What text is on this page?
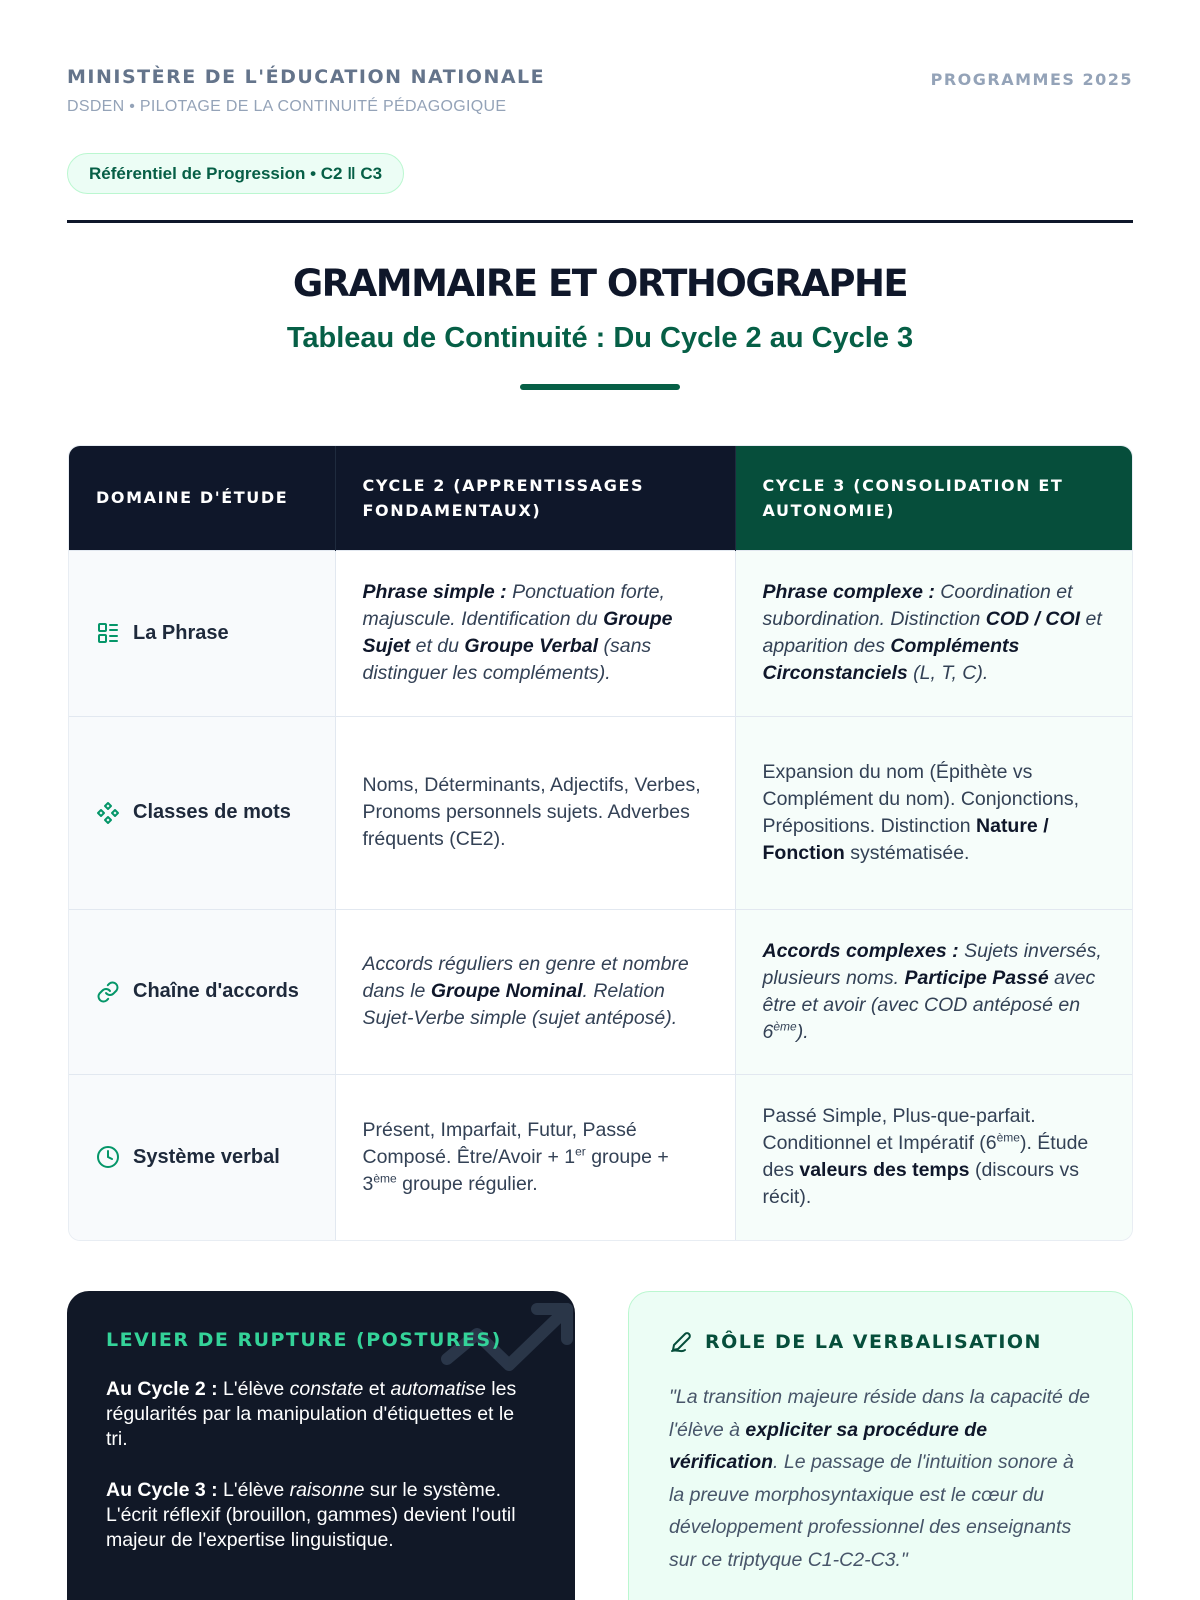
MINISTÈRE DE L'ÉDUCATION NATIONALE
DSDEN • PILOTAGE DE LA CONTINUITÉ PÉDAGOGIQUE
PROGRAMMES 2025
Référentiel de Progression • C2 ‖ C3
GRAMMAIRE ET ORTHOGRAPHE
Tableau de Continuité : Du Cycle 2 au Cycle 3
DOMAINE D'ÉTUDE	CYCLE 2 (APPRENTISSAGES FONDAMENTAUX)	CYCLE 3 (CONSOLIDATION ET AUTONOMIE)

La Phrase	Phrase simple : Ponctuation forte, majuscule. Identification du Groupe Sujet et du Groupe Verbal (sans distinguer les compléments).	Phrase complexe : Coordination et subordination. Distinction COD / COI et apparition des Compléments Circonstanciels (L, T, C).

Classes de mots	Noms, Déterminants, Adjectifs, Verbes, Pronoms personnels sujets. Adverbes fréquents (CE2).	Expansion du nom (Épithète vs Complément du nom). Conjonctions, Prépositions. Distinction Nature / Fonction systématisée.

Chaîne d'accords	Accords réguliers en genre et nombre dans le Groupe Nominal. Relation Sujet-Verbe simple (sujet antéposé).	Accords complexes : Sujets inversés, plusieurs noms. Participe Passé avec être et avoir (avec COD antéposé en 6ème).

Système verbal	Présent, Imparfait, Futur, Passé Composé. Être/Avoir + 1er groupe + 3ème groupe régulier.	Passé Simple, Plus-que-parfait. Conditionnel et Impératif (6ème). Étude des valeurs des temps (discours vs récit).
LEVIER DE RUPTURE (POSTURES)

Au Cycle 2 : L'élève constate et automatise les régularités par la manipulation d'étiquettes et le tri.

Au Cycle 3 : L'élève raisonne sur le système. L'écrit réflexif (brouillon, gammes) devient l'outil majeur de l'expertise linguistique.

RÔLE DE LA VERBALISATION

"La transition majeure réside dans la capacité de l'élève à expliciter sa procédure de vérification. Le passage de l'intuition sonore à la preuve morphosyntaxique est le cœur du développement professionnel des enseignants sur ce triptyque C1-C2-C3."
